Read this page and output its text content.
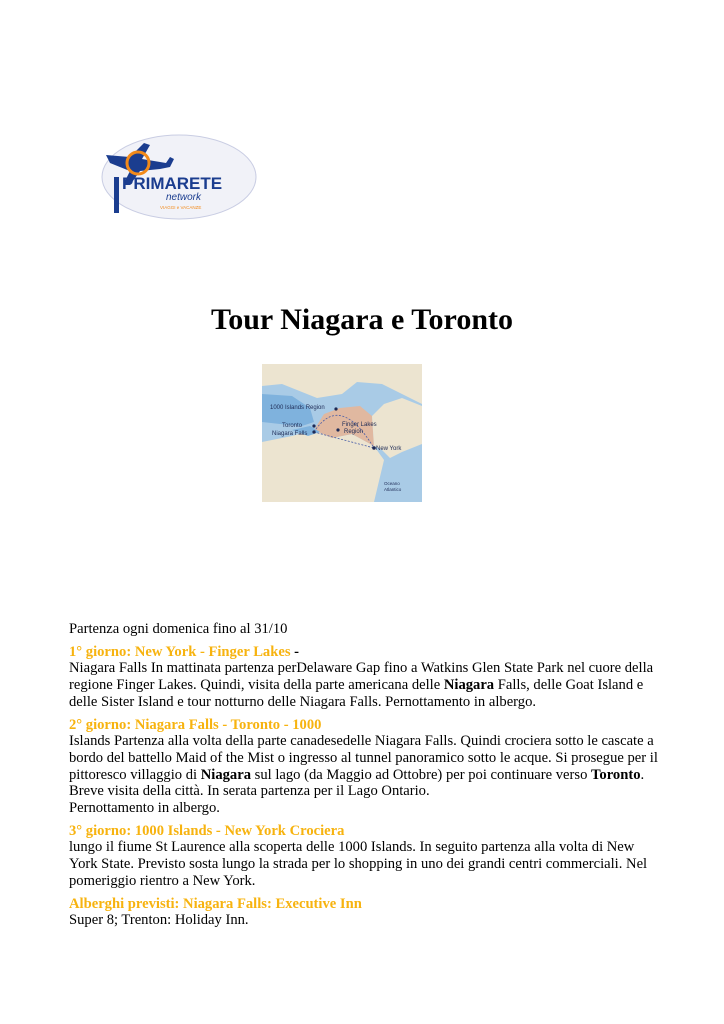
PRIMARETE
network
VIAGGI e VACANZE
Tour Niagara e Toronto
1000 Islands Region
Toronto
Niagara Falls
Finger Lakes
Region
New York
Oceano
Atlantico

Partenza ogni domenica fino al 31/10

1° giorno: New York - Finger Lakes -
Niagara Falls In mattinata partenza perDelaware Gap fino a Watkins Glen State Park nel cuore della regione Finger Lakes. Quindi, visita della parte americana delle Niagara Falls, delle Goat Island e delle Sister Island e tour notturno delle Niagara Falls. Pernottamento in albergo.

2° giorno: Niagara Falls - Toronto - 1000
Islands Partenza alla volta della parte canadesedelle Niagara Falls. Quindi crociera sotto le cascate a bordo del battello Maid of the Mist o ingresso al tunnel panoramico sotto le acque. Si prosegue per il pittoresco villaggio di Niagara sul lago (da Maggio ad Ottobre) per poi continuare verso Toronto. Breve visita della città. In serata partenza per il Lago Ontario.
Pernottamento in albergo.

3° giorno: 1000 Islands - New York Crociera
lungo il fiume St Laurence alla scoperta delle 1000 Islands. In seguito partenza alla volta di New York State. Previsto sosta lungo la strada per lo shopping in uno dei grandi centri commerciali. Nel pomeriggio rientro a New York.

Alberghi previsti: Niagara Falls: Executive Inn
Super 8; Trenton: Holiday Inn.
